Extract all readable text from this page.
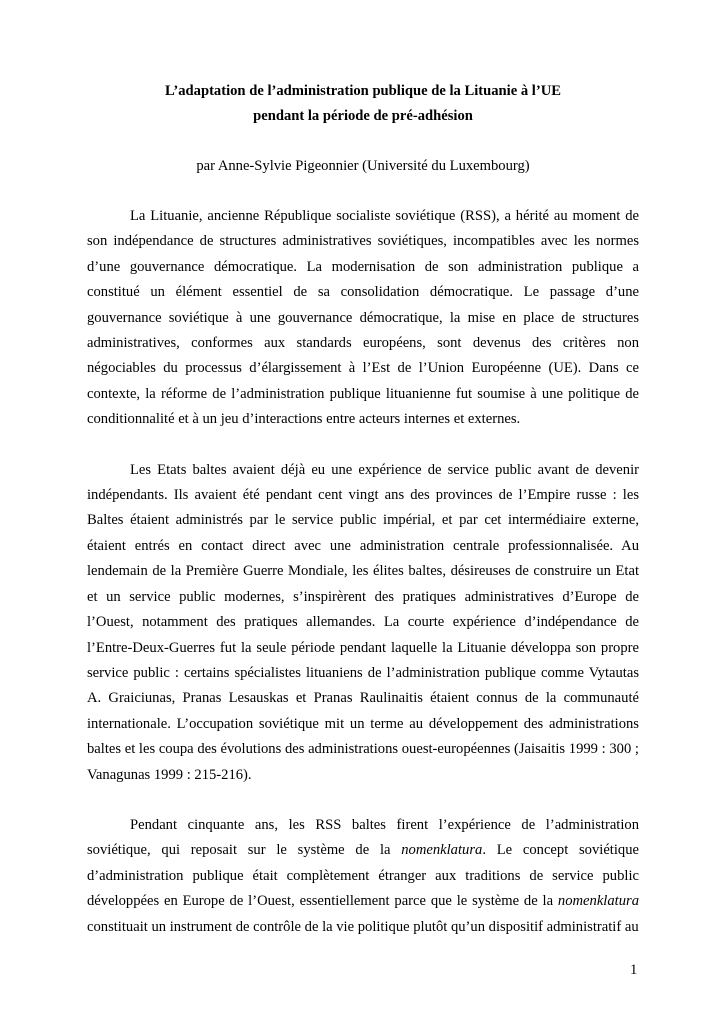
L’adaptation de l’administration publique de la Lituanie à l’UE

pendant la période de pré-adhésion

par Anne-Sylvie Pigeonnier (Université du Luxembourg)

La Lituanie, ancienne République socialiste soviétique (RSS), a hérité au moment de son indépendance de structures administratives soviétiques, incompatibles avec les normes d’une gouvernance démocratique. La modernisation de son administration publique a constitué un élément essentiel de sa consolidation démocratique. Le passage d’une gouvernance soviétique à une gouvernance démocratique, la mise en place de structures administratives, conformes aux standards européens, sont devenus des critères non négociables du processus d’élargissement à l’Est de l’Union Européenne (UE). Dans ce contexte, la réforme de l’administration publique lituanienne fut soumise à une politique de conditionnalité et à un jeu d’interactions entre acteurs internes et externes.

Les Etats baltes avaient déjà eu une expérience de service public avant de devenir indépendants. Ils avaient été pendant cent vingt ans des provinces de l’Empire russe : les Baltes étaient administrés par le service public impérial, et par cet intermédiaire externe, étaient entrés en contact direct avec une administration centrale professionnalisée. Au lendemain de la Première Guerre Mondiale, les élites baltes, désireuses de construire un Etat et un service public modernes, s’inspirèrent des pratiques administratives d’Europe de l’Ouest, notamment des pratiques allemandes. La courte expérience d’indépendance de l’Entre-Deux-Guerres fut la seule période pendant laquelle la Lituanie développa son propre service public : certains spécialistes lituaniens de l’administration publique comme Vytautas A. Graiciunas, Pranas Lesauskas et Pranas Raulinaitis étaient connus de la communauté internationale. L’occupation soviétique mit un terme au développement des administrations baltes et les coupa des évolutions des administrations ouest-européennes (Jaisaitis 1999 : 300 ; Vanagunas 1999 : 215-216).

Pendant cinquante ans, les RSS baltes firent l’expérience de l’administration soviétique, qui reposait sur le système de la nomenklatura. Le concept soviétique d’administration publique était complètement étranger aux traditions de service public développées en Europe de l’Ouest, essentiellement parce que le système de la nomenklatura constituait un instrument de contrôle de la vie politique plutôt qu’un dispositif administratif au

1
